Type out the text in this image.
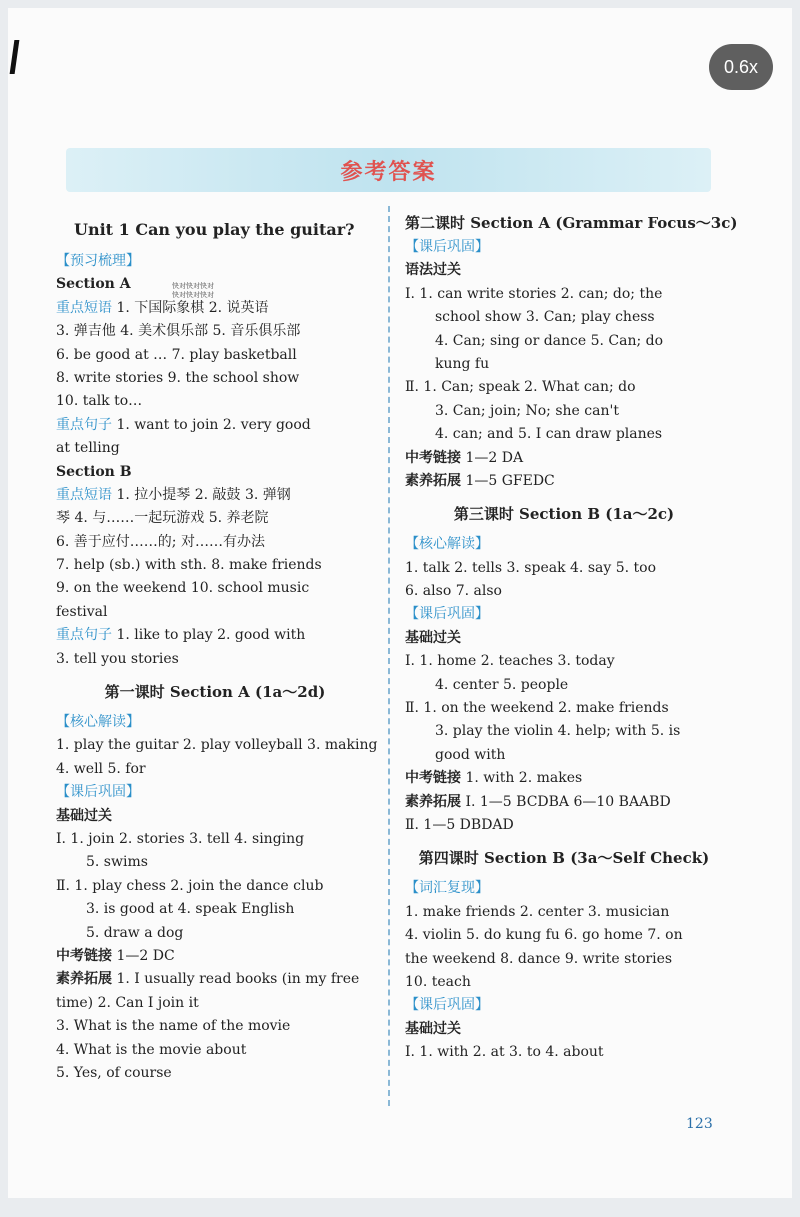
0.6x
参考答案
快对快对快对
快对快对快对
Unit 1 Can you play the guitar?
【预习梳理】
Section A
重点短语 1. 下国际象棋 2. 说英语
3. 弹吉他 4. 美术俱乐部 5. 音乐俱乐部
6. be good at … 7. play basketball
8. write stories 9. the school show
10. talk to…
重点句子 1. want to join 2. very good
at telling
Section B
重点短语 1. 拉小提琴 2. 敲鼓 3. 弹钢
琴 4. 与……一起玩游戏 5. 养老院
6. 善于应付……的; 对……有办法
7. help (sb.) with sth. 8. make friends
9. on the weekend 10. school music
festival
重点句子 1. like to play 2. good with
3. tell you stories
第一课时 Section A (1a～2d)
【核心解读】
1. play the guitar 2. play volleyball 3. making
4. well 5. for
【课后巩固】
基础过关
Ⅰ. 1. join 2. stories 3. tell 4. singing
5. swims
Ⅱ. 1. play chess 2. join the dance club
3. is good at 4. speak English
5. draw a dog
中考链接 1—2 DC
素养拓展 1. I usually read books (in my free
time) 2. Can I join it
3. What is the name of the movie
4. What is the movie about
5. Yes, of course
第二课时 Section A (Grammar Focus～3c)
【课后巩固】
语法过关
Ⅰ. 1. can write stories 2. can; do; the
school show 3. Can; play chess
4. Can; sing or dance 5. Can; do
kung fu
Ⅱ. 1. Can; speak 2. What can; do
3. Can; join; No; she can't
4. can; and 5. I can draw planes
中考链接 1—2 DA
素养拓展 1—5 GFEDC
第三课时 Section B (1a～2c)
【核心解读】
1. talk 2. tells 3. speak 4. say 5. too
6. also 7. also
【课后巩固】
基础过关
Ⅰ. 1. home 2. teaches 3. today
4. center 5. people
Ⅱ. 1. on the weekend 2. make friends
3. play the violin 4. help; with 5. is
good with
中考链接 1. with 2. makes
素养拓展 Ⅰ. 1—5 BCDBA 6—10 BAABD
Ⅱ. 1—5 DBDAD
第四课时 Section B (3a～Self Check)
【词汇复现】
1. make friends 2. center 3. musician
4. violin 5. do kung fu 6. go home 7. on
the weekend 8. dance 9. write stories
10. teach
【课后巩固】
基础过关
Ⅰ. 1. with 2. at 3. to 4. about
123
